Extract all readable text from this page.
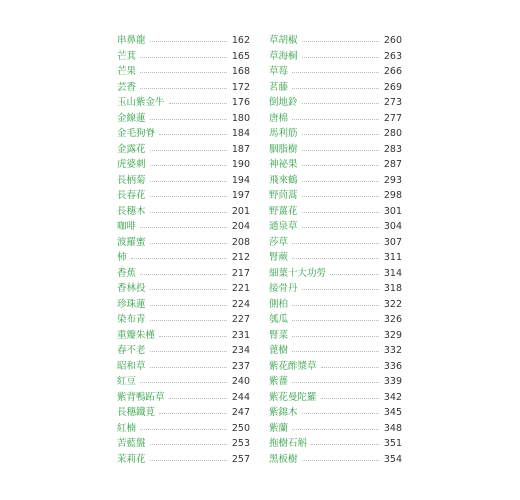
串鼻龍	162
芒萁	165
芒果	168
芸香	172
玉山紫金牛	176
金線蓮	180
金毛狗脊	184
金露花	187
虎婆刺	190
長柄菊	194
長春花	197
長穗木	201
咖啡	204
波羅蜜	208
柿	212
香蕉	217
香林投	221
珍珠蓮	224
染布青	227
重瓣朱槿	231
春不老	234
昭和草	237
紅豆	240
紫背鴨跖草	244
長穗鐵莧	247
紅楠	250
苦藍盤	253
茉莉花	257
草胡椒	260
草海桐	263
草莓	266
茗藤	269
倒地鈴	273
唐棉	277
馬利筋	280
胭脂樹	283
神祕果	287
飛來鶴	293
野茼蒿	298
野薑花	301
通泉草	304
莎草	307
腎蕨	311
細葉十大功勞	314
接骨丹	318
側柏	322
瓠瓜	326
腎菜	329
蓖樹	332
紫花酢漿草	336
紫薔	339
紫花曼陀羅	342
紫錦木	345
紫蘭	348
拖樹石斛	351
黑板樹	354
